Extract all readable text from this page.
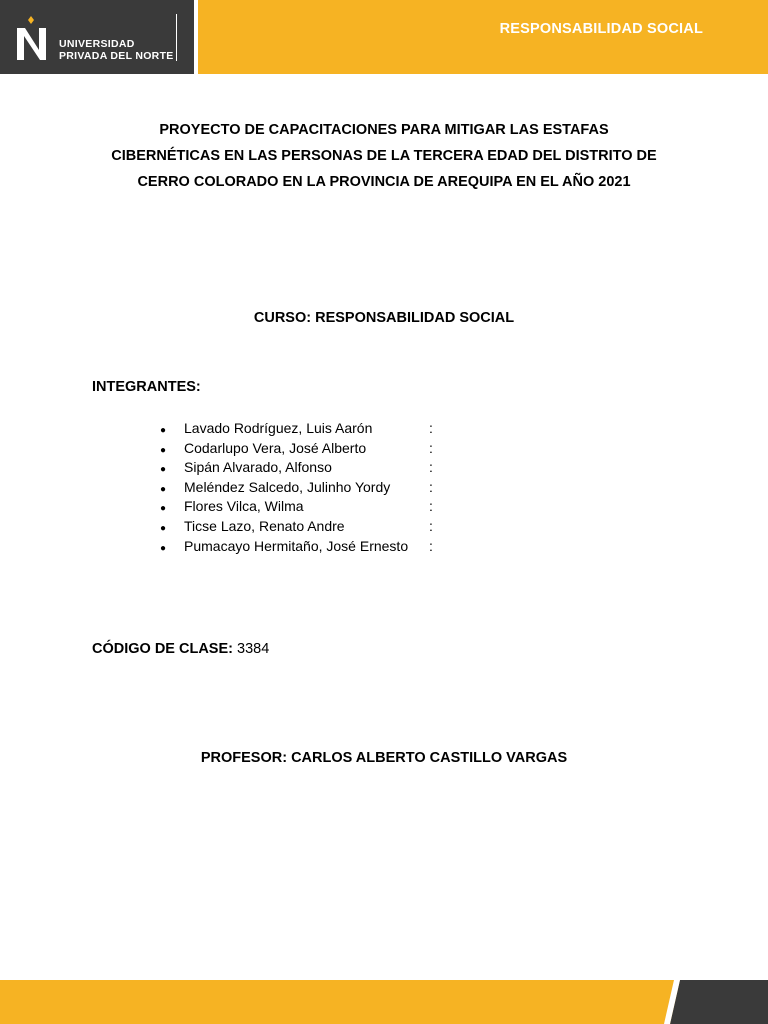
UNIVERSIDAD
PRIVADA DEL NORTE
RESPONSABILIDAD SOCIAL
PROYECTO DE CAPACITACIONES PARA MITIGAR LAS ESTAFAS
CIBERNÉTICAS EN LAS PERSONAS DE LA TERCERA EDAD DEL DISTRITO DE
CERRO COLORADO EN LA PROVINCIA DE AREQUIPA EN EL AÑO 2021
CURSO: RESPONSABILIDAD SOCIAL
INTEGRANTES:
● Lavado Rodríguez, Luis Aarón	:
● Codarlupo Vera, José Alberto	:
● Sipán Alvarado, Alfonso	:
● Meléndez Salcedo, Julinho Yordy	:
● Flores Vilca, Wilma	:
● Ticse Lazo, Renato Andre	:
● Pumacayo Hermitaño, José Ernesto :
CÓDIGO DE CLASE: 3384
PROFESOR: CARLOS ALBERTO CASTILLO VARGAS
